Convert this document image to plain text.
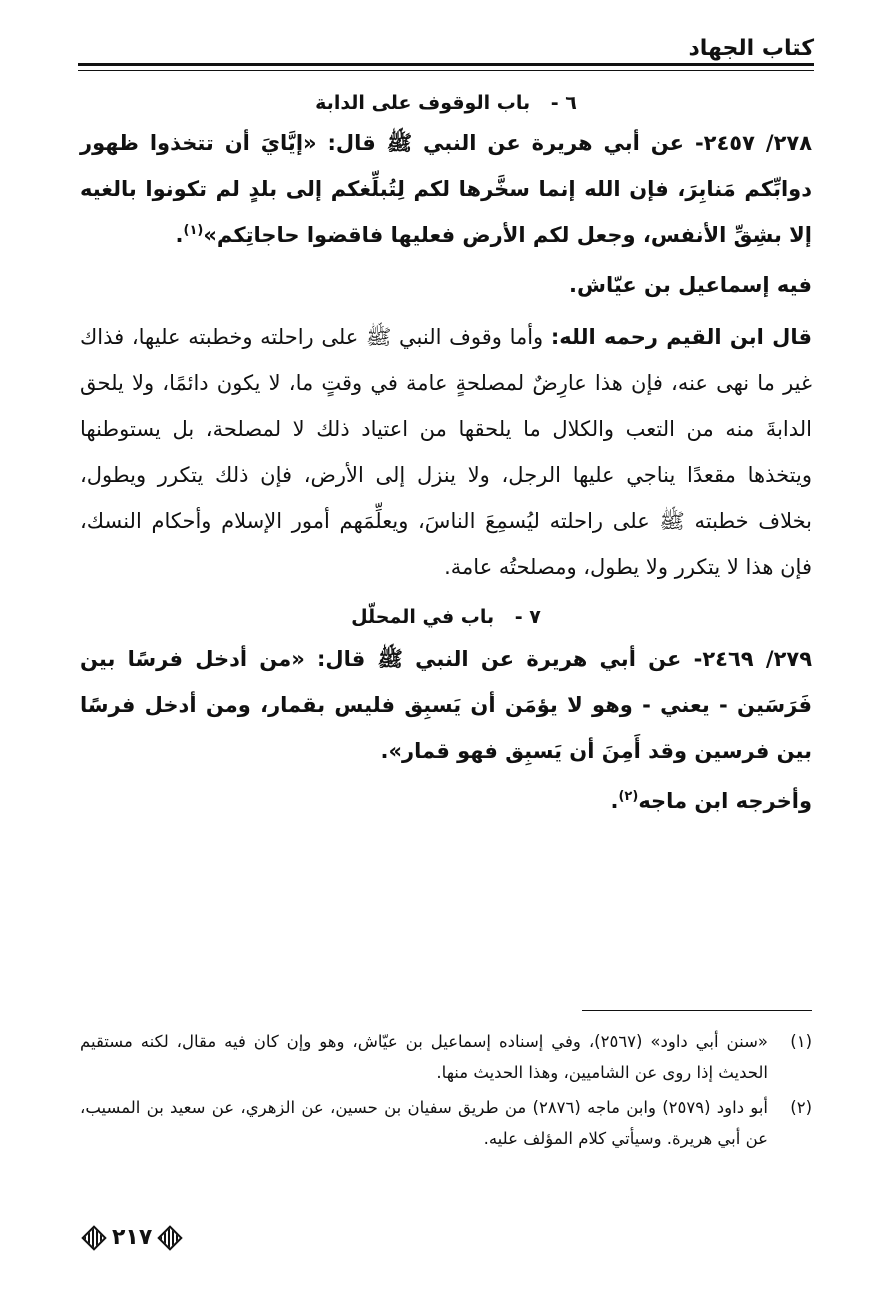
كتاب الجهاد
٦ - باب الوقوف على الدابة

٢٧٨/ ٢٤٥٧- عن أبي هريرة عن النبي ﷺ قال: «إيَّايَ أن تتخذوا ظهور دوابِّكم مَنابِرَ، فإن الله إنما سخَّرها لكم لِتُبلِّغكم إلى بلدٍ لم تكونوا بالغيه إلا بشِقِّ الأنفس، وجعل لكم الأرض فعليها فاقضوا حاجاتِكم»$^{(١)}$.

فيه إسماعيل بن عيّاش.

قال ابن القيم رحمه الله: وأما وقوف النبي ﷺ على راحلته وخطبته عليها، فذاك غير ما نهى عنه، فإن هذا عارِضٌ لمصلحةٍ عامة في وقتٍ ما، لا يكون دائمًا، ولا يلحق الدابةَ منه من التعب والكلال ما يلحقها من اعتياد ذلك لا لمصلحة، بل يستوطنها ويتخذها مقعدًا يناجي عليها الرجل، ولا ينزل إلى الأرض، فإن ذلك يتكرر ويطول، بخلاف خطبته ﷺ على راحلته ليُسمِعَ الناسَ، ويعلِّمَهم أمور الإسلام وأحكام النسك، فإن هذا لا يتكرر ولا يطول، ومصلحتُه عامة.

٧ - باب في المحلّل

٢٧٩/ ٢٤٦٩- عن أبي هريرة عن النبي ﷺ قال: «من أدخل فرسًا بين فَرَسَين - يعني - وهو لا يؤمَن أن يَسبِق فليس بقمار، ومن أدخل فرسًا بين فرسين وقد أَمِنَ أن يَسبِق فهو قمار».

وأخرجه ابن ماجه$^{(٢)}$.

(١)
«سنن أبي داود» (٢٥٦٧)، وفي إسناده إسماعيل بن عيّاش، وهو وإن كان فيه مقال، لكنه مستقيم الحديث إذا روى عن الشاميين، وهذا الحديث منها.
(٢)
أبو داود (٢٥٧٩) وابن ماجه (٢٨٧٦) من طريق سفيان بن حسين، عن الزهري، عن سعيد بن المسيب، عن أبي هريرة. وسيأتي كلام المؤلف عليه.
٢١٧
